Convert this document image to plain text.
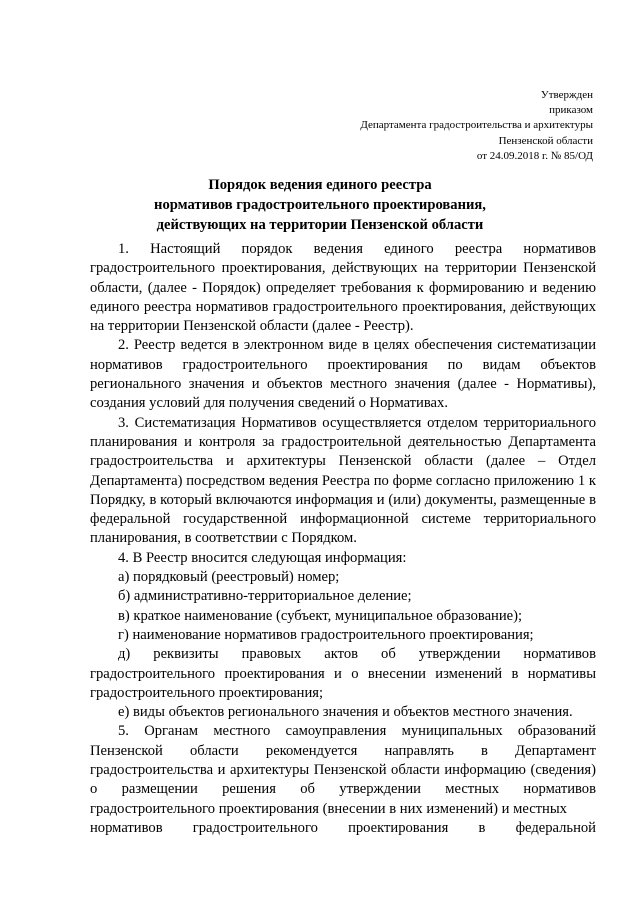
Утвержден
приказом
Департамента градостроительства и архитектуры
Пензенской области
от 24.09.2018 г. № 85/ОД
Порядок ведения единого реестра
нормативов градостроительного проектирования,
действующих на территории Пензенской области

1. Настоящий порядок ведения единого реестра нормативов градостроительного проектирования, действующих на территории Пензенской области, (далее - Порядок) определяет требования к формированию и ведению единого реестра нормативов градостроительного проектирования, действующих на территории Пензенской области (далее - Реестр).

2. Реестр ведется в электронном виде в целях обеспечения систематизации нормативов градостроительного проектирования по видам объектов регионального значения и объектов местного значения (далее - Нормативы), создания условий для получения сведений о Нормативах.

3. Систематизация Нормативов осуществляется отделом территориального планирования и контроля за градостроительной деятельностью Департамента градостроительства и архитектуры Пензенской области (далее – Отдел Департамента) посредством ведения Реестра по форме согласно приложению 1 к Порядку, в который включаются информация и (или) документы, размещенные в федеральной государственной информационной системе территориального планирования, в соответствии с Порядком.

4. В Реестр вносится следующая информация:

а) порядковый (реестровый) номер;

б) административно-территориальное деление;

в) краткое наименование (субъект, муниципальное образование);

г) наименование нормативов градостроительного проектирования;

д) реквизиты правовых актов об утверждении нормативов градостроительного проектирования и о внесении изменений в нормативы градостроительного проектирования;

е) виды объектов регионального значения и объектов местного значения.

5. Органам местного самоуправления муниципальных образований Пензенской области рекомендуется направлять в Департамент градостроительства и архитектуры Пензенской области информацию (сведения) о размещении решения об утверждении местных нормативов градостроительного проектирования (внесении в них изменений) и местных

нормативов градостроительного проектирования в федеральной
